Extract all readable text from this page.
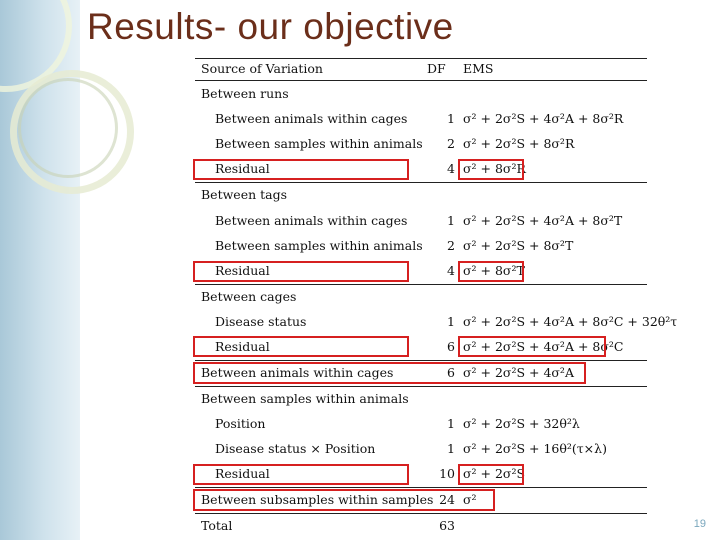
Results- our objective
Source of Variation	DF EMS
Between runs
Between animals within cages	1 σ² + 2σ²S + 4σ²A + 8σ²R
Between samples within animals	2 σ² + 2σ²S + 8σ²R
Residual	4 σ² + 8σ²R
Between tags
Between animals within cages	1 σ² + 2σ²S + 4σ²A + 8σ²T
Between samples within animals	2 σ² + 2σ²S + 8σ²T
Residual	4 σ² + 8σ²T
Between cages
Disease status	1 σ² + 2σ²S + 4σ²A + 8σ²C + 32θ²τ
Residual	6 σ² + 2σ²S + 4σ²A + 8σ²C
Between animals within cages	6 σ² + 2σ²S + 4σ²A
Between samples within animals
Position	1 σ² + 2σ²S + 32θ²λ
Disease status × Position	1 σ² + 2σ²S + 16θ²(τ×λ)
Residual	10 σ² + 2σ²S
Between subsamples within samples 24 σ²
Total	63	19
